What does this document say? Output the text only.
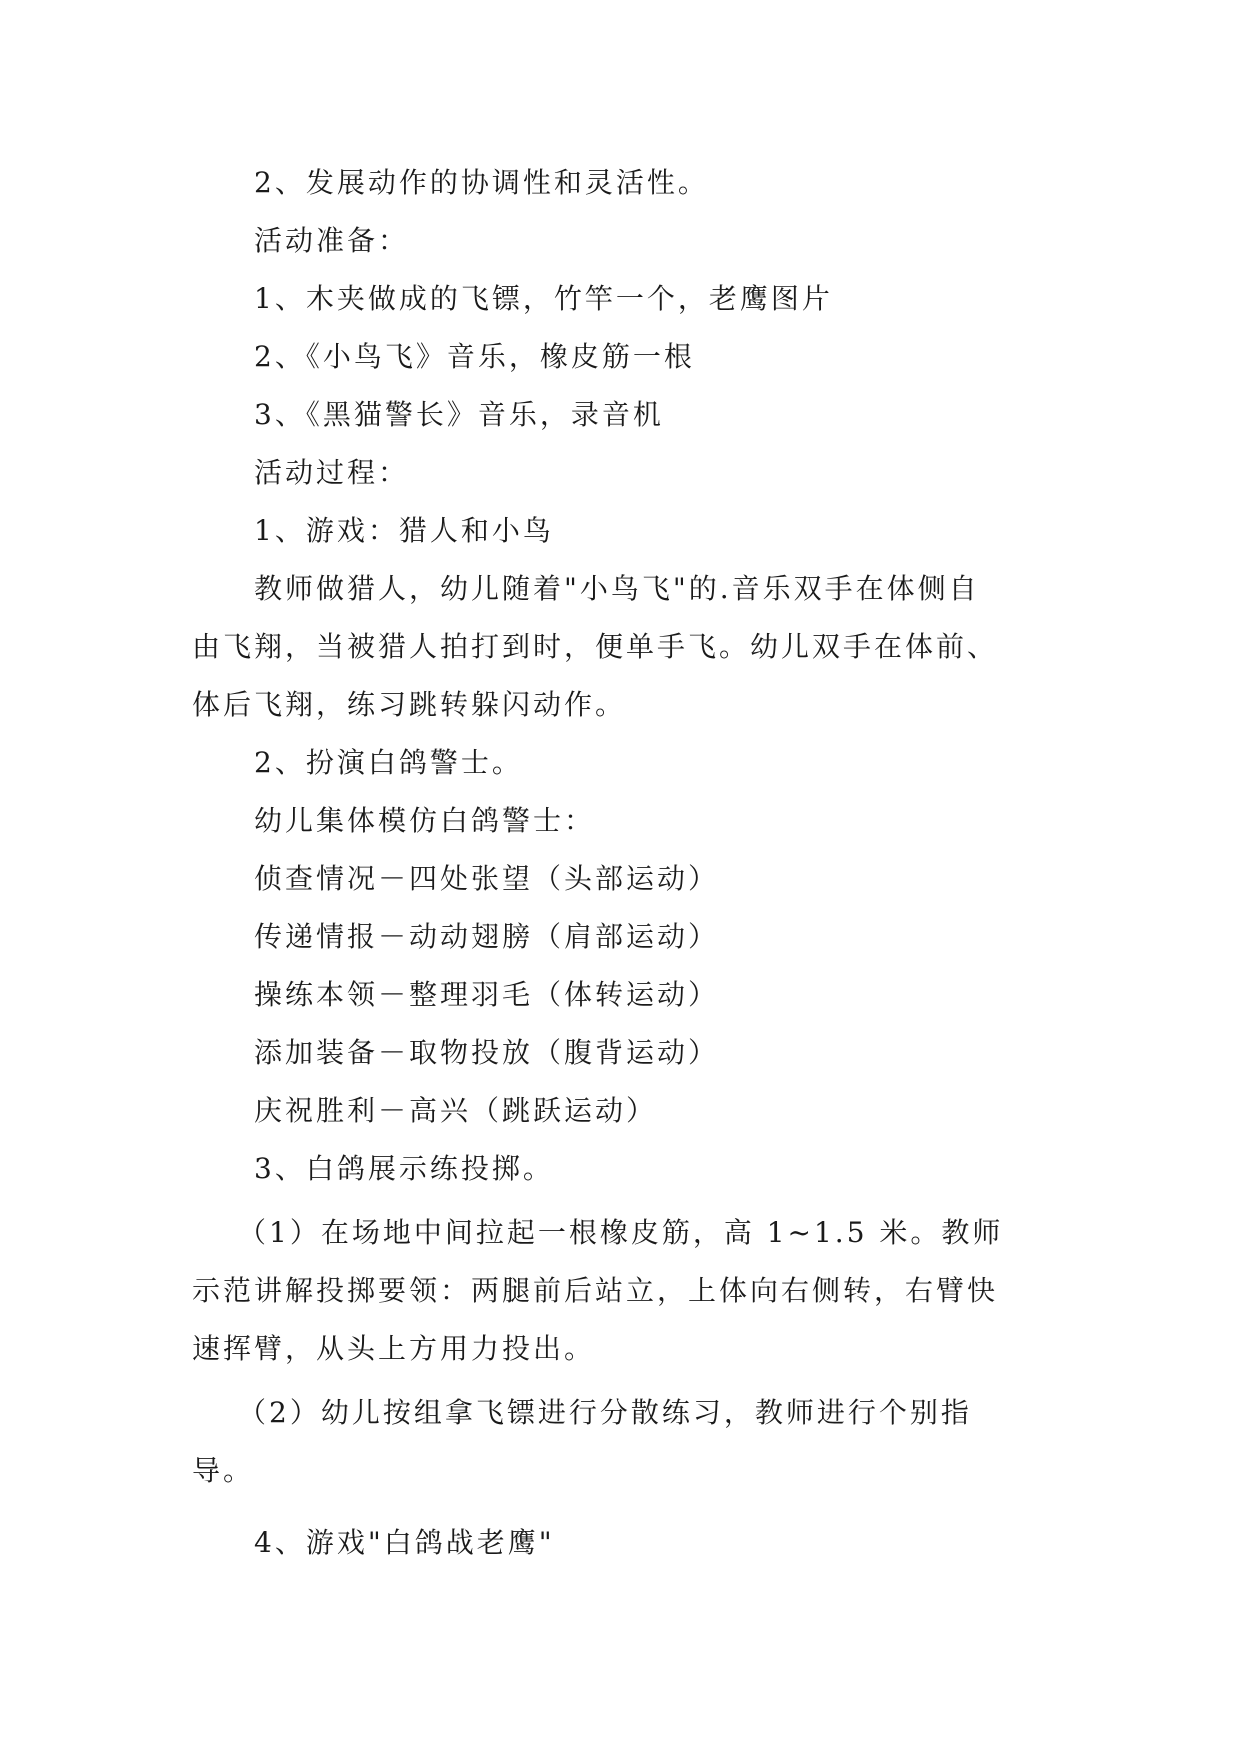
2、发展动作的协调性和灵活性。

活动准备：

1、木夹做成的飞镖，竹竿一个，老鹰图片

2、《小鸟飞》音乐，橡皮筋一根

3、《黑猫警长》音乐，录音机

活动过程：

1、游戏：猎人和小鸟

教师做猎人，幼儿随着"小鸟飞"的.音乐双手在体侧自
由飞翔，当被猎人拍打到时，便单手飞。幼儿双手在体前、
体后飞翔，练习跳转躲闪动作。

2、扮演白鸽警士。

幼儿集体模仿白鸽警士：

侦查情况－四处张望（头部运动）

传递情报－动动翅膀（肩部运动）

操练本领－整理羽毛（体转运动）

添加装备－取物投放（腹背运动）

庆祝胜利－高兴（跳跃运动）

3、白鸽展示练投掷。

（1）在场地中间拉起一根橡皮筋，高 1~1.5 米。教师
示范讲解投掷要领：两腿前后站立，上体向右侧转，右臂快
速挥臂，从头上方用力投出。
（2）幼儿按组拿飞镖进行分散练习，教师进行个别指
导。

4、游戏"白鸽战老鹰"
